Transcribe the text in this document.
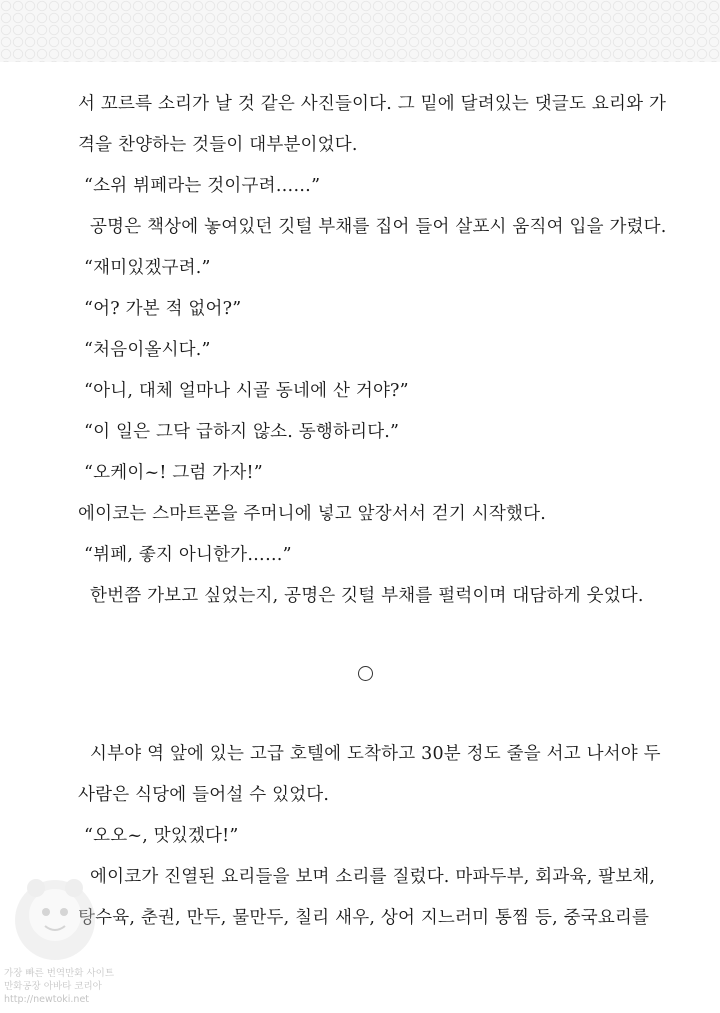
서 꼬르륵 소리가 날 것 같은 사진들이다. 그 밑에 달려있는 댓글도 요리와 가
격을 찬양하는 것들이 대부분이었다.
“소위 뷔페라는 것이구려……”
공명은 책상에 놓여있던 깃털 부채를 집어 들어 살포시 움직여 입을 가렸다.
“재미있겠구려.”
“어? 가본 적 없어?”
“처음이올시다.”
“아니, 대체 얼마나 시골 동네에 산 거야?”
“이 일은 그닥 급하지 않소. 동행하리다.”
“오케이~! 그럼 가자!”
에이코는 스마트폰을 주머니에 넣고 앞장서서 걷기 시작했다.
“뷔페, 좋지 아니한가……”
한번쯤 가보고 싶었는지, 공명은 깃털 부채를 펄럭이며 대담하게 웃었다.
시부야 역 앞에 있는 고급 호텔에 도착하고 30분 정도 줄을 서고 나서야 두
사람은 식당에 들어설 수 있었다.
“오오~, 맛있겠다!”
에이코가 진열된 요리들을 보며 소리를 질렀다. 마파두부, 회과육, 팔보채,
탕수육, 춘권, 만두, 물만두, 칠리 새우, 상어 지느러미 통찜 등, 중국요리를
가장 빠른 번역만화 사이트
만화공장 아바타 코리아
http://newtoki.net
